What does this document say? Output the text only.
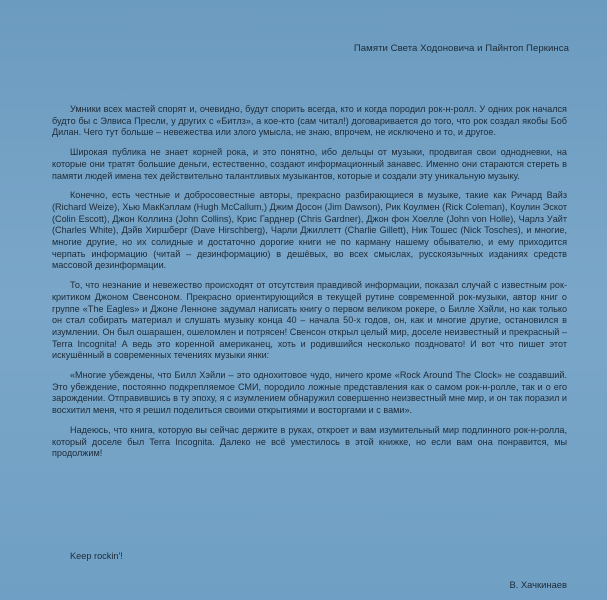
Памяти Света Ходоновича и Пайнтоп Перкинса

Умники всех мастей спорят и, очевидно, будут спорить всегда, кто и когда породил рок-н-ролл. У одних рок начался будто бы с Элвиса Пресли, у других с «Битлз», а кое-кто (сам читал!) договаривается до того, что рок создал якобы Боб Дилан. Чего тут больше – невежества или злого умысла, не знаю, впрочем, не исключено и то, и другое.

Широкая публика не знает корней рока, и это понятно, ибо дельцы от музыки, продвигая свои однодневки, на которые они тратят большие деньги, естественно, создают информационный занавес. Именно они стараются стереть в памяти людей имена тех действительно талантливых музыкантов, которые и создали эту уникальную музыку.

Конечно, есть честные и добросовестные авторы, прекрасно разбирающиеся в музыке, такие как Ричард Вайз (Richard Weize), Хью МакКэллам (Hugh McCallum,) Джим Досон (Jim Dawson), Рик Коулмен (Rick Coleman), Коулин Эскот (Colin Escott), Джон Коллинз (John Collins), Крис Гарднер (Chris Gardner), Джон фон Хоелле (John von Holle), Чарлз Уайт (Charles White), Дэйв Хиршберг (Dave Hirschberg), Чарли Джиллетт (Charlie Gillett), Ник Тошес (Nick Tosches), и многие, многие другие, но их солидные и достаточно дорогие книги не по карману нашему обывателю, и ему приходится черпать информацию (читай – дезинформацию) в дешёвых, во всех смыслах, русскоязычных изданиях средств массовой дезинформации.

То, что незнание и невежество происходят от отсутствия правдивой информации, показал случай с известным рок-критиком Джоном Свенсоном. Прекрасно ориентирующийся в текущей рутине современной рок-музыки, автор книг о группе «The Eagles» и Джоне Ленноне задумал написать книгу о первом великом рокере, о Билле Хэйли, но как только он стал собирать материал и слушать музыку конца 40 – начала 50-х годов, он, как и многие другие, остановился в изумлении. Он был ошарашен, ошеломлен и потрясен! Свенсон открыл целый мир, доселе неизвестный и прекрасный – Terra Incognita! А ведь это коренной американец, хоть и родившийся несколько поздновато! И вот что пишет этот искушённый в современных течениях музыки янки:

«Многие убеждены, что Билл Хэйли – это однохитовое чудо, ничего кроме «Rock Around The Clock» не создавший. Это убеждение, постоянно подкрепляемое СМИ, породило ложные представления как о самом рок-н-ролле, так и о его зарождении. Отправившись в ту эпоху, я с изумлением обнаружил совершенно неизвестный мне мир, и он так поразил и восхитил меня, что я решил поделиться своими открытиями и восторгами и с вами».

Надеюсь, что книга, которую вы сейчас держите в руках, откроет и вам изумительный мир подлинного рок-н-ролла, который доселе был Terra Incognita. Далеко не всё уместилось в этой книжке, но если вам она понравится, мы продолжим!

Keep rockin'!
В. Хачкинаев
